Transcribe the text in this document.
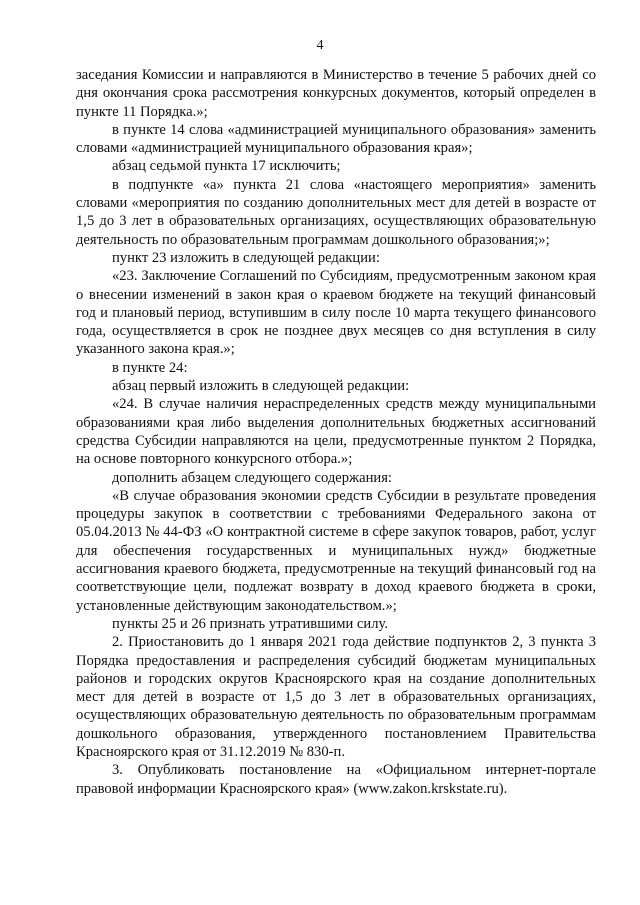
4

заседания Комиссии и направляются в Министерство в течение 5 рабочих дней со дня окончания срока рассмотрения конкурсных документов, который определен в пункте 11 Порядка.»;

в пункте 14 слова «администрацией муниципального образования» заменить словами «администрацией муниципального образования края»;

абзац седьмой пункта 17 исключить;

в подпункте «а» пункта 21 слова «настоящего мероприятия» заменить словами «мероприятия по созданию дополнительных мест для детей в возрасте от 1,5 до 3 лет в образовательных организациях, осуществляющих образовательную деятельность по образовательным программам дошкольного образования;»;

пункт 23 изложить в следующей редакции:

«23. Заключение Соглашений по Субсидиям, предусмотренным законом края о внесении изменений в закон края о краевом бюджете на текущий финансовый год и плановый период, вступившим в силу после 10 марта текущего финансового года, осуществляется в срок не позднее двух месяцев со дня вступления в силу указанного закона края.»;

в пункте 24:

абзац первый изложить в следующей редакции:

«24. В случае наличия нераспределенных средств между муниципальными образованиями края либо выделения дополнительных бюджетных ассигнований средства Субсидии направляются на цели, предусмотренные пунктом 2 Порядка, на основе повторного конкурсного отбора.»;

дополнить абзацем следующего содержания:

«В случае образования экономии средств Субсидии в результате проведения процедуры закупок в соответствии с требованиями Федерального закона от 05.04.2013 № 44-ФЗ «О контрактной системе в сфере закупок товаров, работ, услуг для обеспечения государственных и муниципальных нужд» бюджетные ассигнования краевого бюджета, предусмотренные на текущий финансовый год на соответствующие цели, подлежат возврату в доход краевого бюджета в сроки, установленные действующим законодательством.»;

пункты 25 и 26 признать утратившими силу.

2. Приостановить до 1 января 2021 года действие подпунктов 2, 3 пункта 3 Порядка предоставления и распределения субсидий бюджетам муниципальных районов и городских округов Красноярского края на создание дополнительных мест для детей в возрасте от 1,5 до 3 лет в образовательных организациях, осуществляющих образовательную деятельность по образовательным программам дошкольного образования, утвержденного постановлением Правительства Красноярского края от 31.12.2019 № 830-п.

3. Опубликовать постановление на «Официальном интернет-портале правовой информации Красноярского края» (www.zakon.krskstate.ru).
